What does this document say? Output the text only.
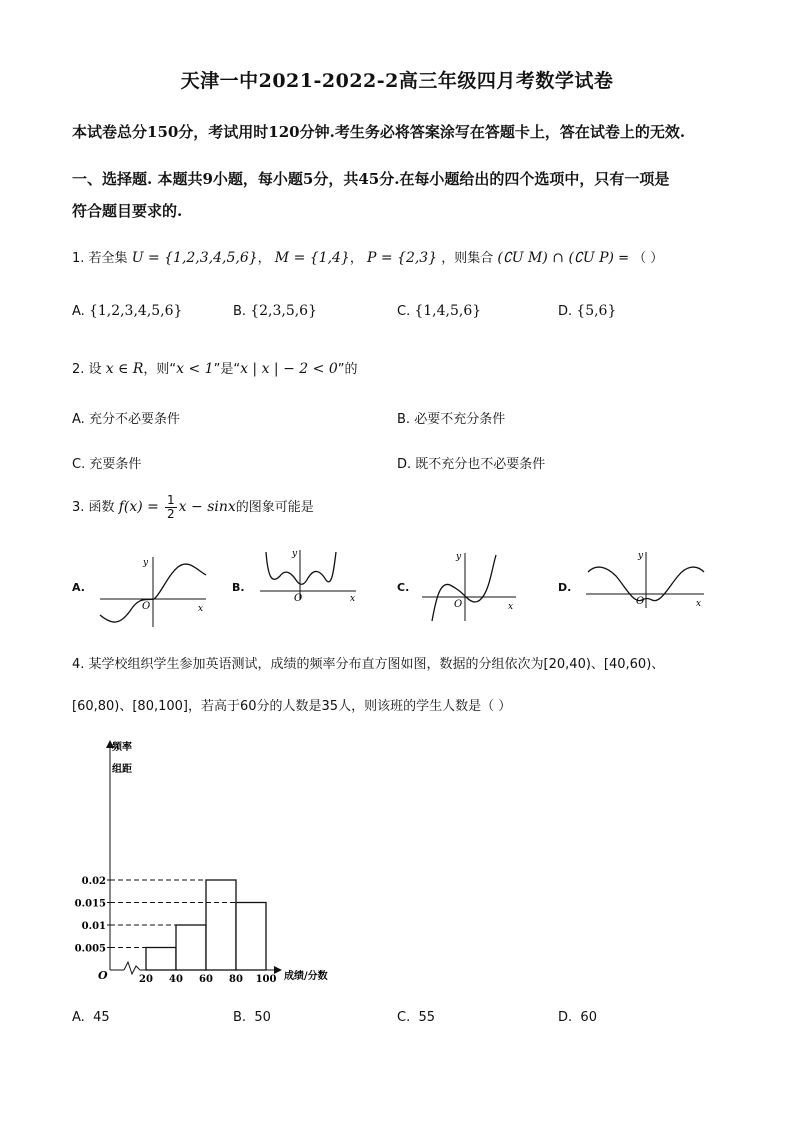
天津一中2021-2022-2高三年级四月考数学试卷
本试卷总分150分，考试用时120分钟.考生务必将答案涂写在答题卡上，答在试卷上的无效.
一、选择题. 本题共9小题，每小题5分，共45分.在每小题给出的四个选项中，只有一项是
符合题目要求的.
1. 若全集 U = {1,2,3,4,5,6}， M = {1,4}， P = {2,3} ，则集合 (∁U M) ∩ (∁U P) = （ ）
A. {1,2,3,4,5,6}	B. {2,3,5,6}	C. {1,4,5,6}	D. {5,6}
2. 设 x ∈ R，则“x < 1”是“x | x | − 2 < 0”的
A. 充分不必要条件	B. 必要不充分条件
C. 充要条件	D. 既不充分也不必要条件
3. 函数 $f(x) = \frac{1}{2}$ x − sinx的图象可能是
A.
O	x
y
B.
O	x
y
C.
O	x
y
D.
O	x
y
4. 某学校组织学生参加英语测试，成绩的频率分布直方图如图，数据的分组依次为[20,40)、[40,60)、
[60,80)、[80,100]，若高于60分的人数是35人，则该班的学生人数是（ ）
频率
组距
O	成绩/分数
0.005
0.01
0.015
0.02
20 40 60 80 100
A. 45	B. 50	C. 55	D. 60
